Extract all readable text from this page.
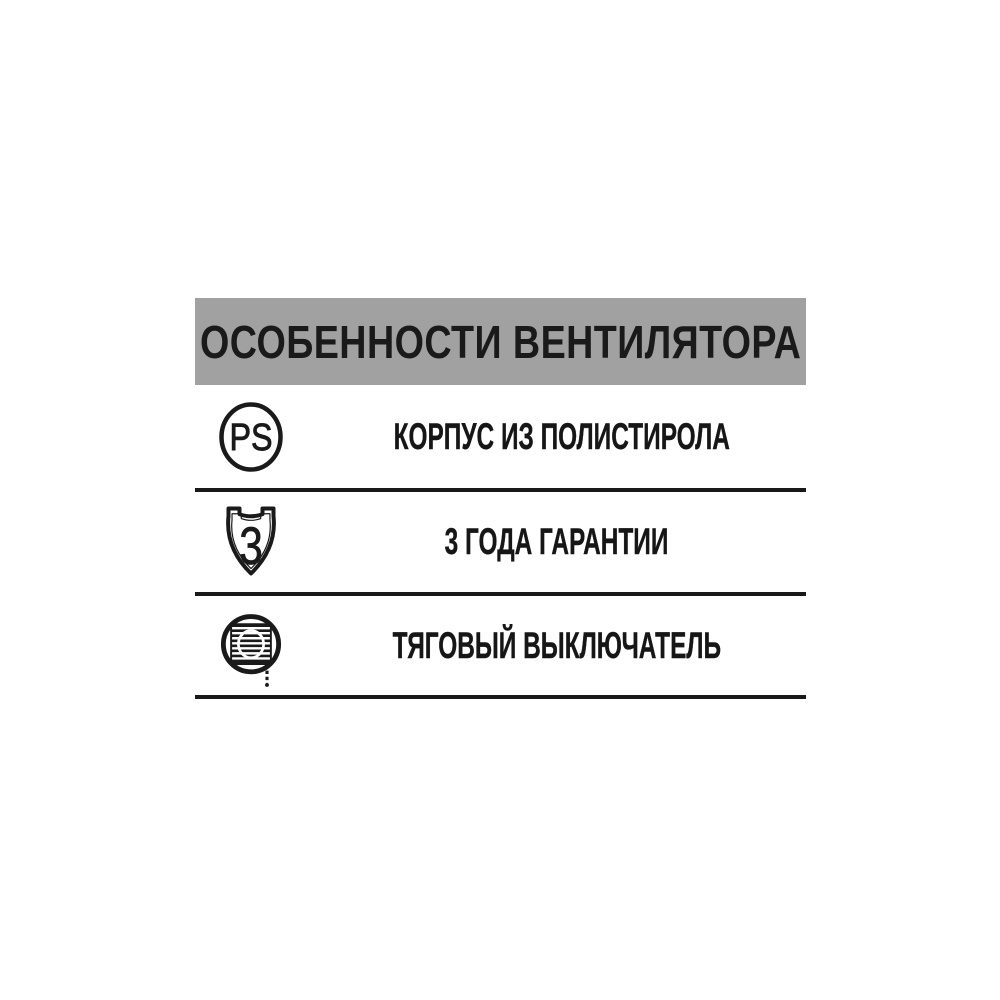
ОСОБЕННОСТИ ВЕНТИЛЯТОРА
PS	КОРПУС ИЗ ПОЛИСТИРОЛА
3	3 ГОДА ГАРАНТИИ
ТЯГОВЫЙ ВЫКЛЮЧАТЕЛЬ
